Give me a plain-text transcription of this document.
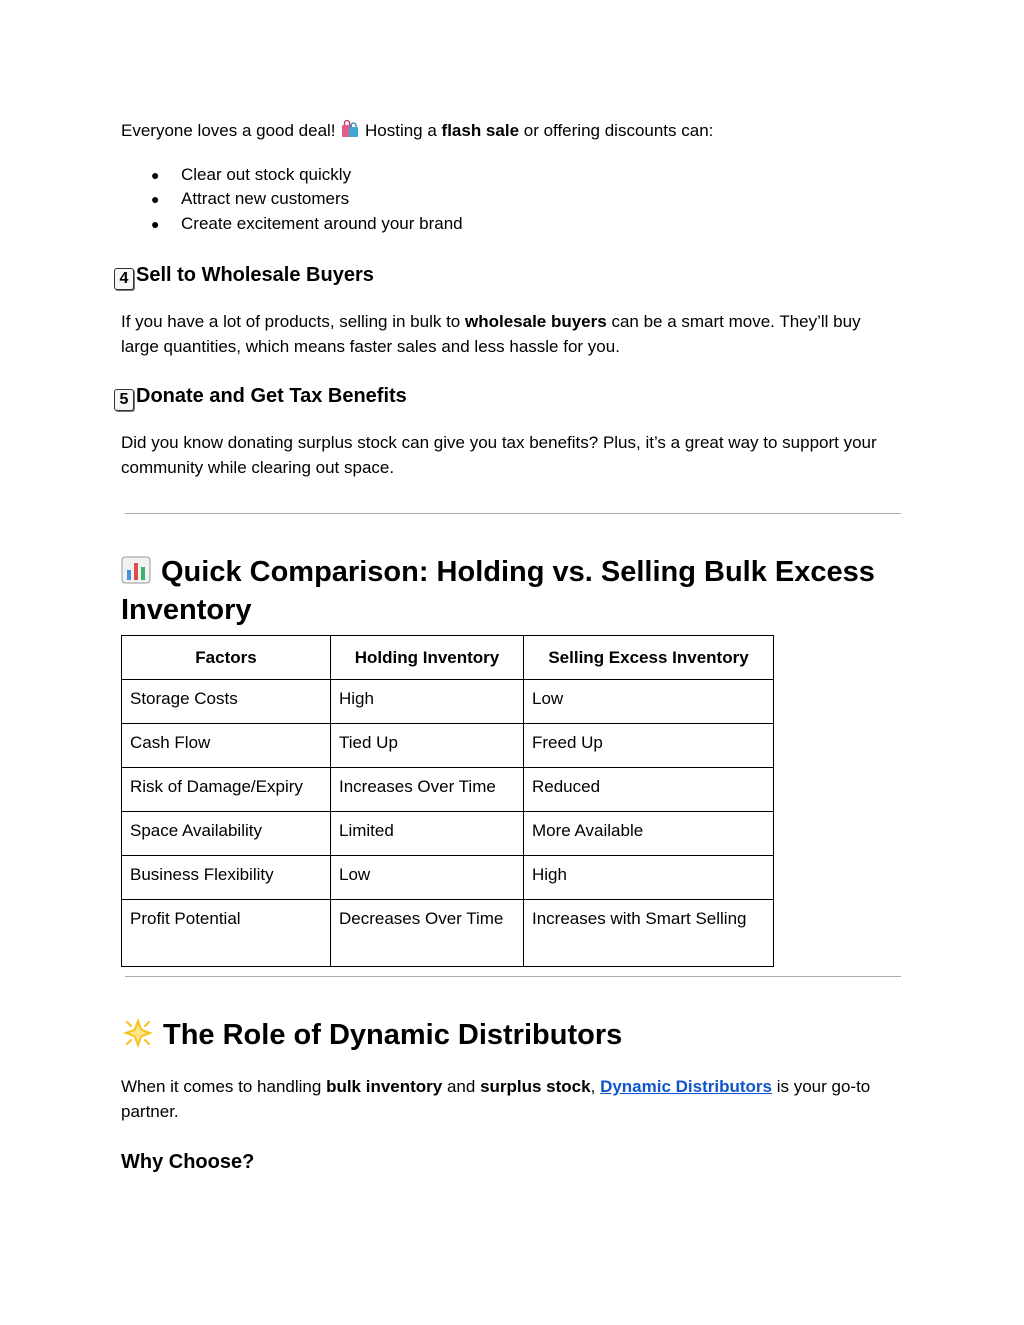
Everyone loves a good deal!  Hosting a flash sale or offering discounts can:

● Clear out stock quickly
● Attract new customers
● Create excitement around your brand
4 Sell to Wholesale Buyers

If you have a lot of products, selling in bulk to wholesale buyers can be a smart move. They’ll buy large quantities, which means faster sales and less hassle for you.

5 Donate and Get Tax Benefits

Did you know donating surplus stock can give you tax benefits? Plus, it’s a great way to support your community while clearing out space.

Quick Comparison: Holding vs. Selling Bulk Excess Inventory
Factors	Holding Inventory	Selling Excess Inventory
Storage Costs	High	Low
Cash Flow	Tied Up	Freed Up
Risk of Damage/Expiry	Increases Over Time	Reduced
Space Availability	Limited	More Available
Business Flexibility	Low	High
Profit Potential	Decreases Over Time	Increases with Smart Selling
The Role of Dynamic Distributors

When it comes to handling bulk inventory and surplus stock, Dynamic Distributors is your go-to partner.

Why Choose?
